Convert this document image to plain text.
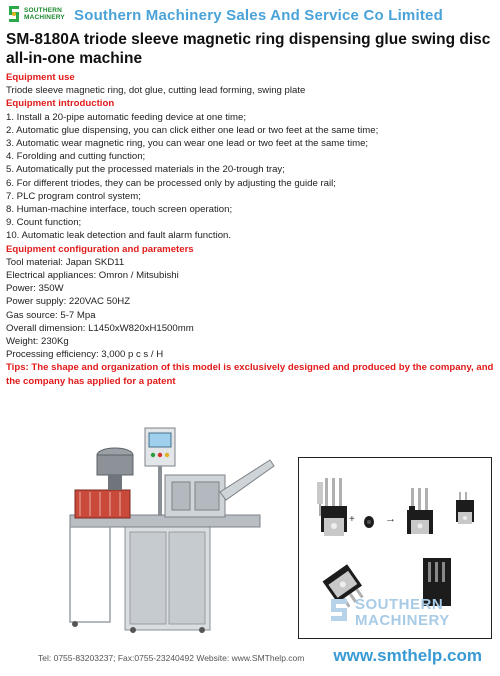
SOUTHERN
MACHINERY Southern Machinery Sales And Service Co Limited
SM-8180A triode sleeve magnetic ring dispensing glue swing disc all-in-one machine
Equipment use
Triode sleeve magnetic ring, dot glue, cutting lead forming, swing plate
Equipment introduction
1. Install a 20-pipe automatic feeding device at one time;
2. Automatic glue dispensing, you can click either one lead or two feet at the same time;
3. Automatic wear magnetic ring, you can wear one lead or two feet at the same time;
4. Forolding and cutting function;
5. Automatically put the processed materials in the 20-trough tray;
6. For different triodes, they can be processed only by adjusting the guide rail;
7. PLC program control system;
8. Human-machine interface, touch screen operation;
9. Count function;
10. Automatic leak detection and fault alarm function.
Equipment configuration and parameters
Tool material: Japan SKD11
Electrical appliances: Omron / Mitsubishi
Power: 350W
Power supply: 220VAC 50HZ
Gas source: 5-7 Mpa
Overall dimension: L1450xW820xH1500mm
Weight: 230Kg
Processing efficiency: 3,000 p c s / H
Tips: The shape and organization of this model is exclusively designed and produced by the company, and the company has applied for a patent
+	→
SOUTHERN
MACHINERY
Tel: 0755-83203237; Fax:0755-23240492 Website: www.SMThelp.com www.smthelp.com
